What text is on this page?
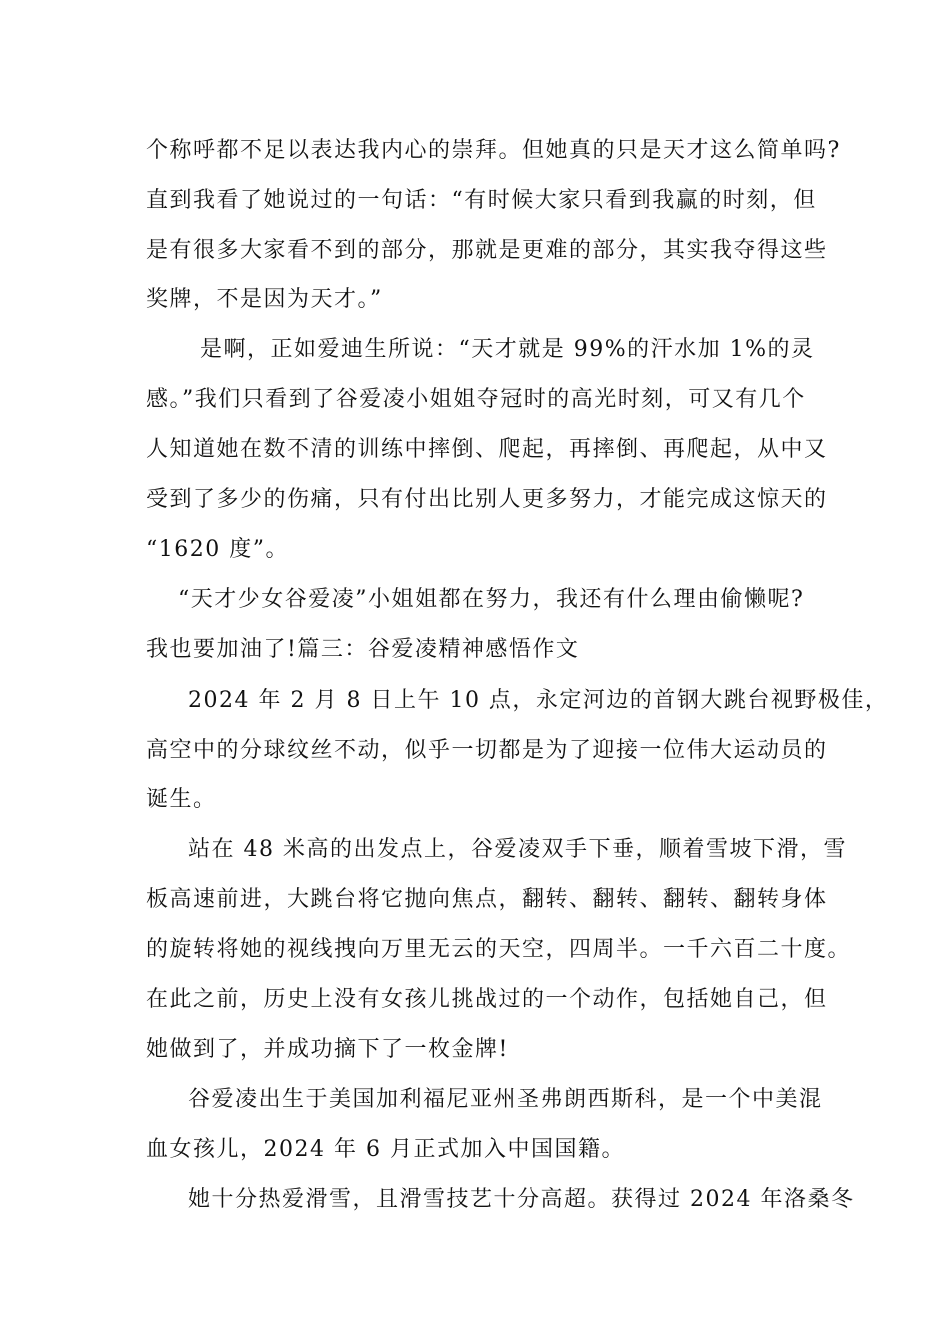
个称呼都不足以表达我内心的崇拜。但她真的只是天才这么简单吗?
直到我看了她说过的一句话：“有时候大家只看到我赢的时刻，但
是有很多大家看不到的部分，那就是更难的部分，其实我夺得这些
奖牌，不是因为天才。”
是啊，正如爱迪生所说：“天才就是 99%的汗水加 1%的灵
感。”我们只看到了谷爱凌小姐姐夺冠时的高光时刻，可又有几个
人知道她在数不清的训练中摔倒、爬起，再摔倒、再爬起，从中又
受到了多少的伤痛，只有付出比别人更多努力，才能完成这惊天的
“1620 度”。
“天才少女谷爱凌”小姐姐都在努力，我还有什么理由偷懒呢?
我也要加油了!篇三：谷爱凌精神感悟作文
2024 年 2 月 8 日上午 10 点，永定河边的首钢大跳台视野极佳，
高空中的分球纹丝不动，似乎一切都是为了迎接一位伟大运动员的
诞生。
站在 48 米高的出发点上，谷爱凌双手下垂，顺着雪坡下滑，雪
板高速前进，大跳台将它抛向焦点，翻转、翻转、翻转、翻转身体
的旋转将她的视线拽向万里无云的天空，四周半。一千六百二十度。
在此之前，历史上没有女孩儿挑战过的一个动作，包括她自己，但
她做到了，并成功摘下了一枚金牌!
谷爱凌出生于美国加利福尼亚州圣弗朗西斯科，是一个中美混
血女孩儿，2024 年 6 月正式加入中国国籍。
她十分热爱滑雪，且滑雪技艺十分高超。获得过 2024 年洛桑冬
